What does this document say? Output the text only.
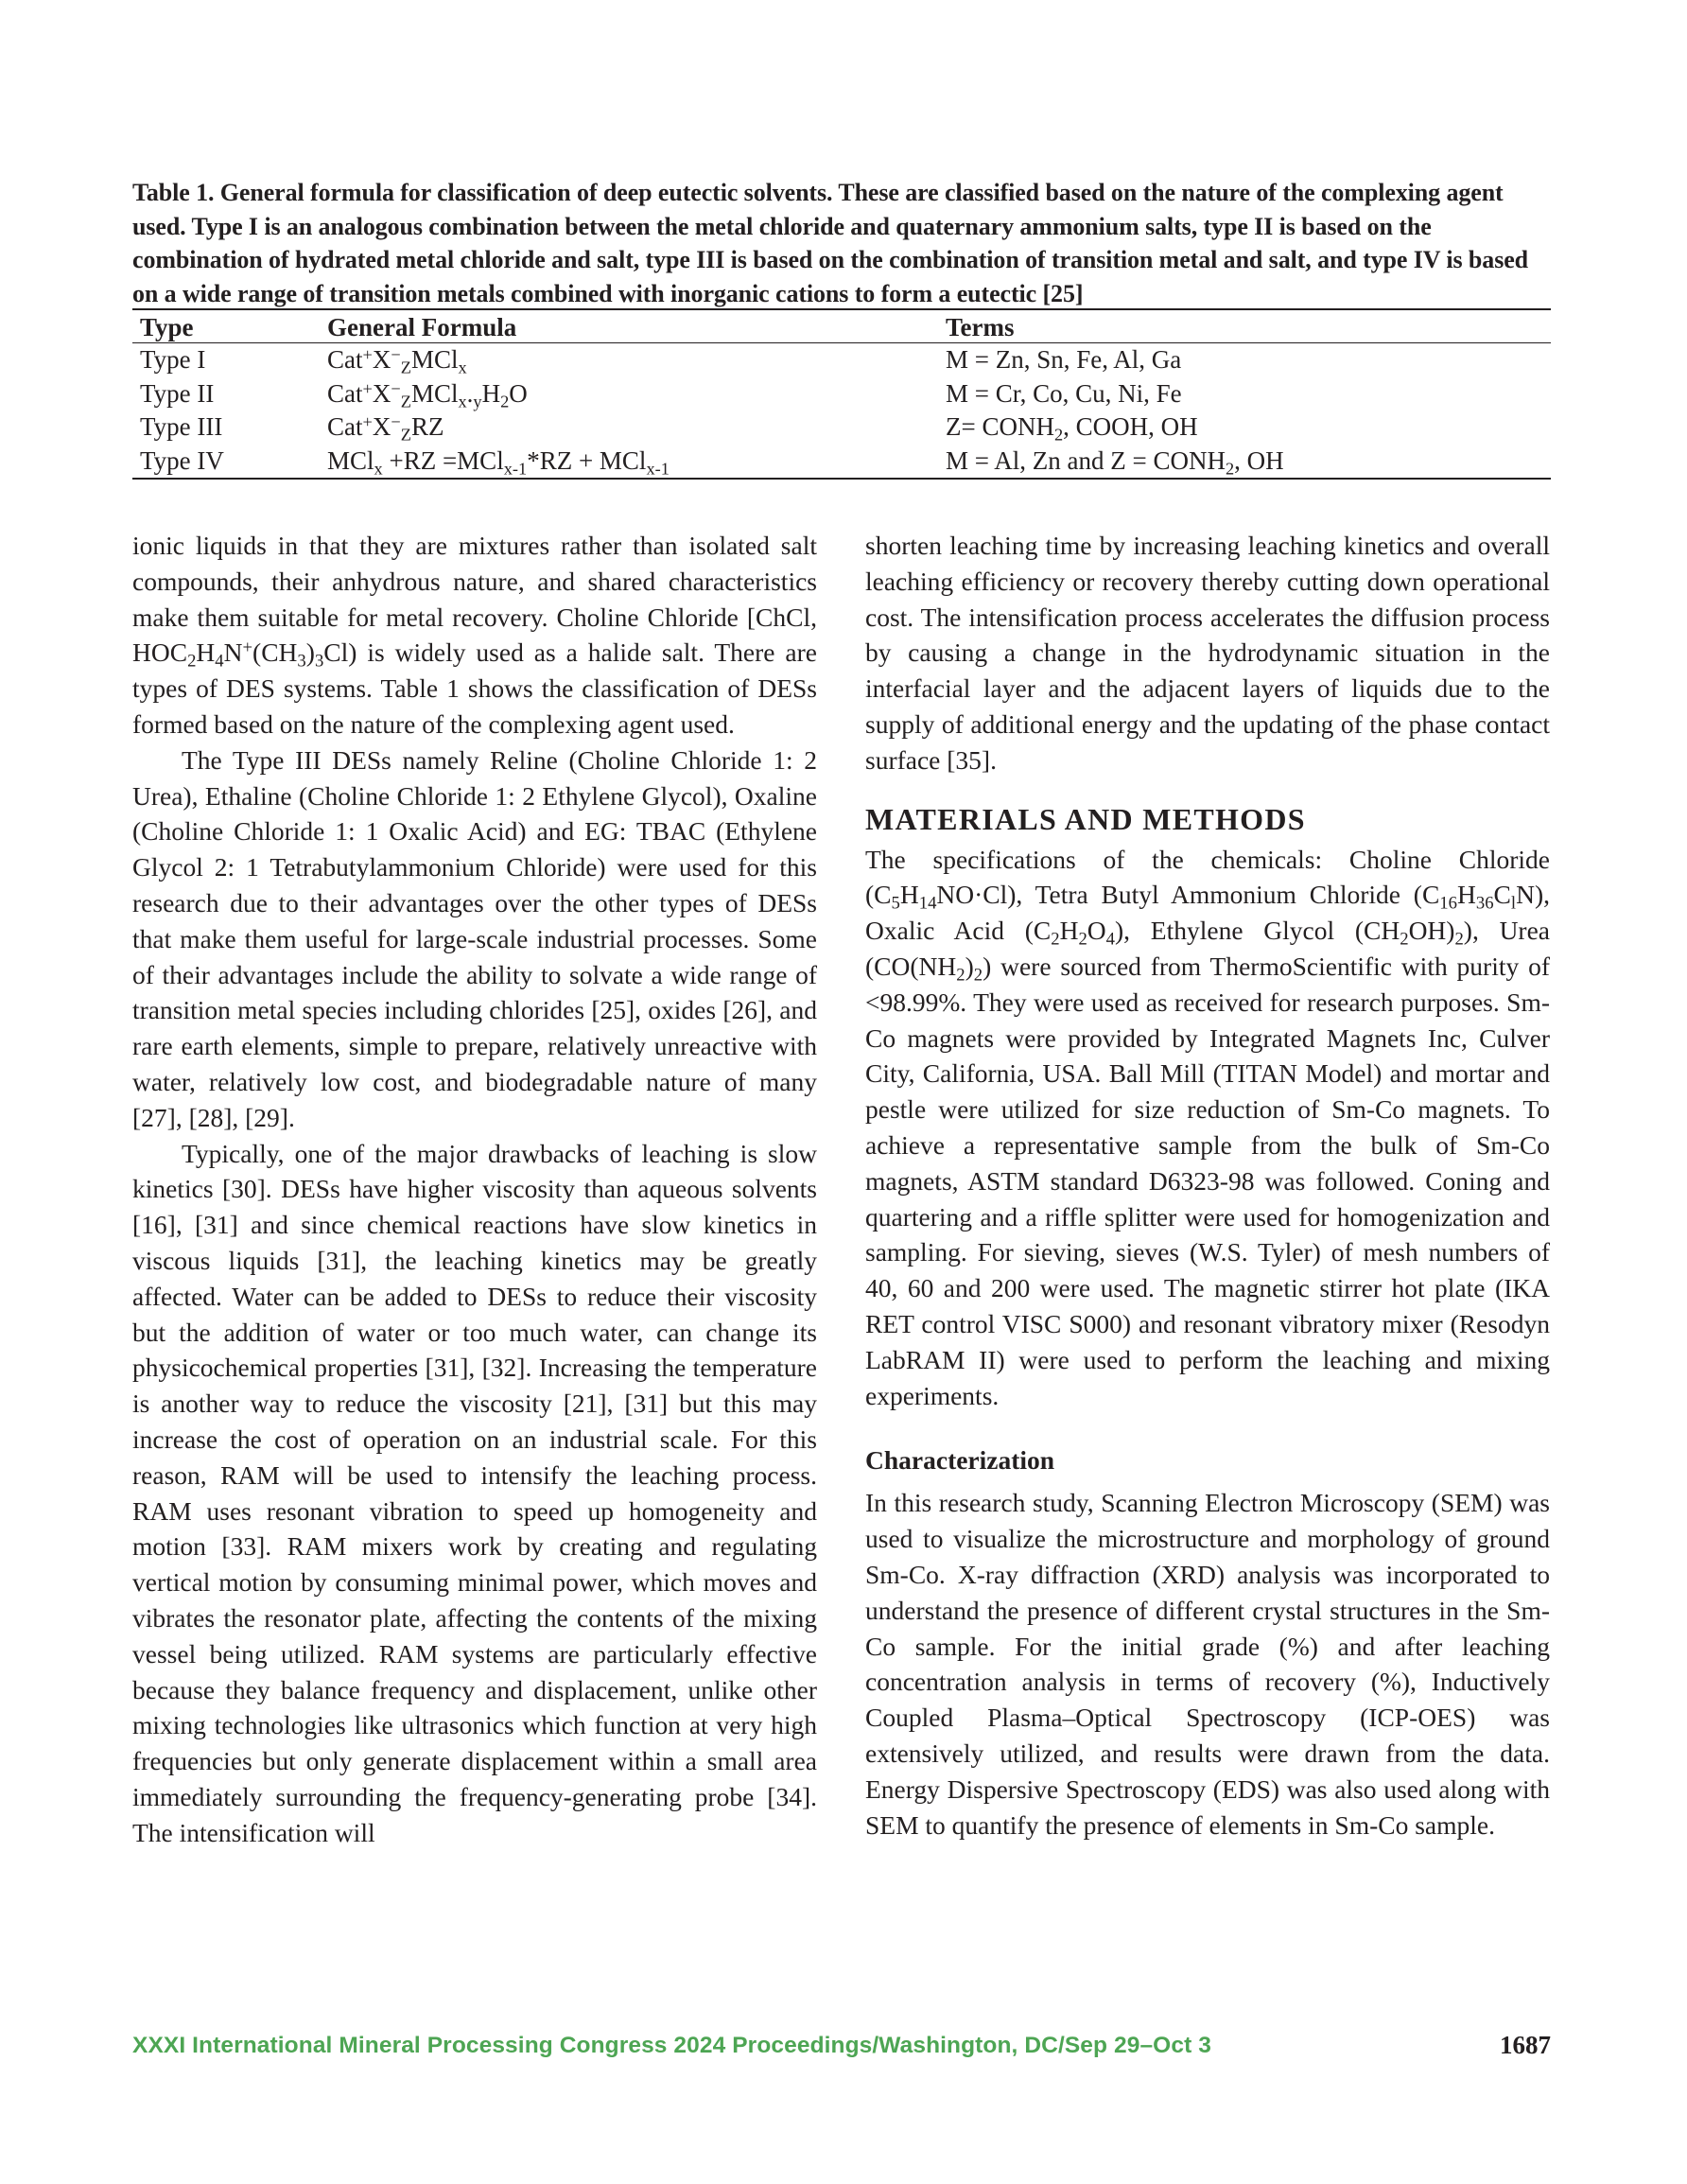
Table 1. General formula for classification of deep eutectic solvents. These are classified based on the nature of the complexing agent used. Type I is an analogous combination between the metal chloride and quaternary ammonium salts, type II is based on the combination of hydrated metal chloride and salt, type III is based on the combination of transition metal and salt, and type IV is based on a wide range of transition metals combined with inorganic cations to form a eutectic [25]
Type	General Formula	Terms
Type I	$Cat^+X^-_ZMCl_x$	M = Zn, Sn, Fe, Al, Ga
Type II	$Cat^+X^-_ZMCl_x._yH_2O$	M = Cr, Co, Cu, Ni, Fe
Type III	$Cat^+X^-_ZRZ$	$Z= CONH_2$, COOH, OH
Type IV	MCl$_x$ +RZ =MCl$_{x-1}$*RZ + MCl$_{x-1}$	M = Al, Zn and $Z = CONH_2$, OH

ionic liquids in that they are mixtures rather than isolated salt compounds, their anhydrous nature, and shared characteristics make them suitable for metal recovery. Choline Chloride [ChCl, $HOC_2H_4N^+(CH_3)_3Cl$) is widely used as a halide salt. There are types of DES systems. Table 1 shows the classification of DESs formed based on the nature of the complexing agent used.

The Type III DESs namely Reline (Choline Chloride 1: 2 Urea), Ethaline (Choline Chloride 1: 2 Ethylene Glycol), Oxaline (Choline Chloride 1: 1 Oxalic Acid) and EG: TBAC (Ethylene Glycol 2: 1 Tetrabutylammonium Chloride) were used for this research due to their advantages over the other types of DESs that make them useful for large-scale industrial processes. Some of their advantages include the ability to solvate a wide range of transition metal species including chlorides [25], oxides [26], and rare earth elements, simple to prepare, relatively unreactive with water, relatively low cost, and biodegradable nature of many [27], [28], [29].

Typically, one of the major drawbacks of leaching is slow kinetics [30]. DESs have higher viscosity than aqueous solvents [16], [31] and since chemical reactions have slow kinetics in viscous liquids [31], the leaching kinetics may be greatly affected. Water can be added to DESs to reduce their viscosity but the addition of water or too much water, can change its physicochemical properties [31], [32]. Increasing the temperature is another way to reduce the viscosity [21], [31] but this may increase the cost of operation on an industrial scale. For this reason, RAM will be used to intensify the leaching process. RAM uses resonant vibration to speed up homogeneity and motion [33]. RAM mixers work by creating and regulating vertical motion by consuming minimal power, which moves and vibrates the resonator plate, affecting the contents of the mixing vessel being utilized. RAM systems are particularly effective because they balance frequency and displacement, unlike other mixing technologies like ultrasonics which function at very high frequencies but only generate displacement within a small area immediately surrounding the frequency-generating probe [34]. The intensification will

shorten leaching time by increasing leaching kinetics and overall leaching efficiency or recovery thereby cutting down operational cost. The intensification process accelerates the diffusion process by causing a change in the hydrodynamic situation in the interfacial layer and the adjacent layers of liquids due to the supply of additional energy and the updating of the phase contact surface [35].

MATERIALS AND METHODS

The specifications of the chemicals: Choline Chloride $(C_5H_{14}NO\cdot Cl)$, Tetra Butyl Ammonium Chloride $(C_{16}H_{36}C_lN)$, Oxalic Acid $(C_2H_2O_4)$, Ethylene Glycol $(CH_2OH)_2$), Urea $(CO(NH_2)_2)$ were sourced from ThermoScientific with purity of <98.99%. They were used as received for research purposes. Sm-Co magnets were provided by Integrated Magnets Inc, Culver City, California, USA. Ball Mill (TITAN Model) and mortar and pestle were utilized for size reduction of Sm-Co magnets. To achieve a representative sample from the bulk of Sm-Co magnets, ASTM standard D6323-98 was followed. Coning and quartering and a riffle splitter were used for homogenization and sampling. For sieving, sieves (W.S. Tyler) of mesh numbers of 40, 60 and 200 were used. The magnetic stirrer hot plate (IKA RET control VISC S000) and resonant vibratory mixer (Resodyn LabRAM II) were used to perform the leaching and mixing experiments.

Characterization

In this research study, Scanning Electron Microscopy (SEM) was used to visualize the microstructure and morphology of ground Sm-Co. X-ray diffraction (XRD) analysis was incorporated to understand the presence of different crystal structures in the Sm-Co sample. For the initial grade (%) and after leaching concentration analysis in terms of recovery (%), Inductively Coupled Plasma–Optical Spectroscopy (ICP-OES) was extensively utilized, and results were drawn from the data. Energy Dispersive Spectroscopy (EDS) was also used along with SEM to quantify the presence of elements in Sm-Co sample.

XXXI International Mineral Processing Congress 2024 Proceedings/Washington, DC/Sep 29–Oct 3	1687
